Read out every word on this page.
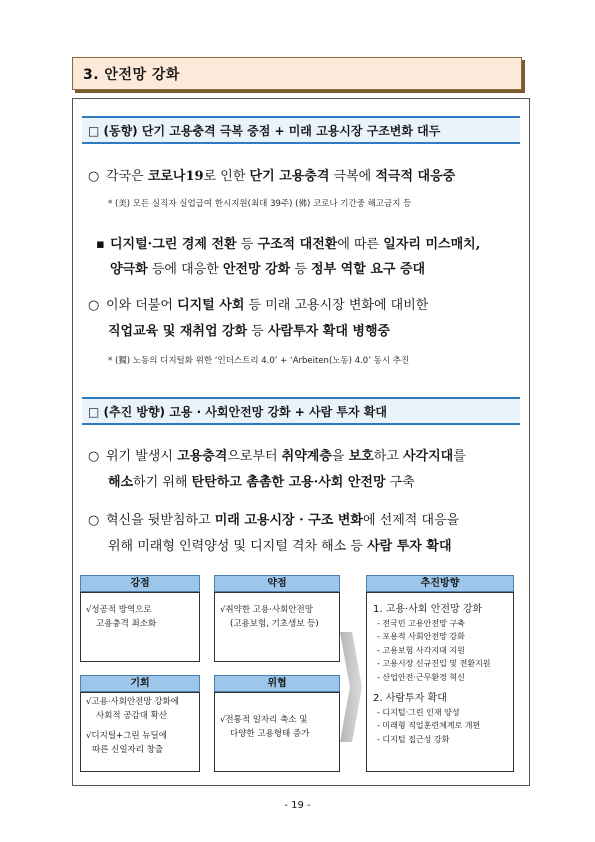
3. 안전망 강화
□ (동향) 단기 고용충격 극복 중점 + 미래 고용시장 구조변화 대두
○ 각국은 코로나19로 인한 단기 고용충격 극복에 적극적 대응중
* (美) 모든 실직자 실업급여 한시지원(최대 39주) (佛) 코로나 기간중 해고금지 등
▪ 디지털·그린 경제 전환 등 구조적 대전환에 따른 일자리 미스매치,
양극화 등에 대응한 안전망 강화 등 정부 역할 요구 증대
○ 이와 더불어 디지털 사회 등 미래 고용시장 변화에 대비한
직업교육 및 재취업 강화 등 사람투자 확대 병행중
* (獨) 노동의 디지털화 위한 ‘인더스트리 4.0’ + ‘Arbeiten(노동) 4.0’ 동시 추진
□ (추진 방향) 고용 · 사회안전망 강화 + 사람 투자 확대
○ 위기 발생시 고용충격으로부터 취약계층을 보호하고 사각지대를
해소하기 위해 탄탄하고 촘촘한 고용·사회 안전망 구축
○ 혁신을 뒷받침하고 미래 고용시장 · 구조 변화에 선제적 대응을
위해 미래형 인력양성 및 디지털 격차 해소 등 사람 투자 확대
강점
√성공적 방역으로
고용충격 최소화
약점
√취약한 고용·사회안전망
(고용보험, 기초생보 등)
기회
√고용·사회안전망 강화에
사회적 공감대 확산
√디지털+그린 뉴딜에
따른 신일자리 창출
위협
√전통적 일자리 축소 및
다양한 고용형태 증가
추진방향
1. 고용·사회 안전망 강화
- 전국민 고용안전망 구축
- 포용적 사회안전망 강화
- 고용보험 사각지대 지원
- 고용시장 신규진입 및 전환지원
- 산업안전·근무환경 혁신
2. 사람투자 확대
- 디지털·그린 인재 양성
- 미래형 직업훈련체계로 개편
- 디지털 접근성 강화
- 19 -
